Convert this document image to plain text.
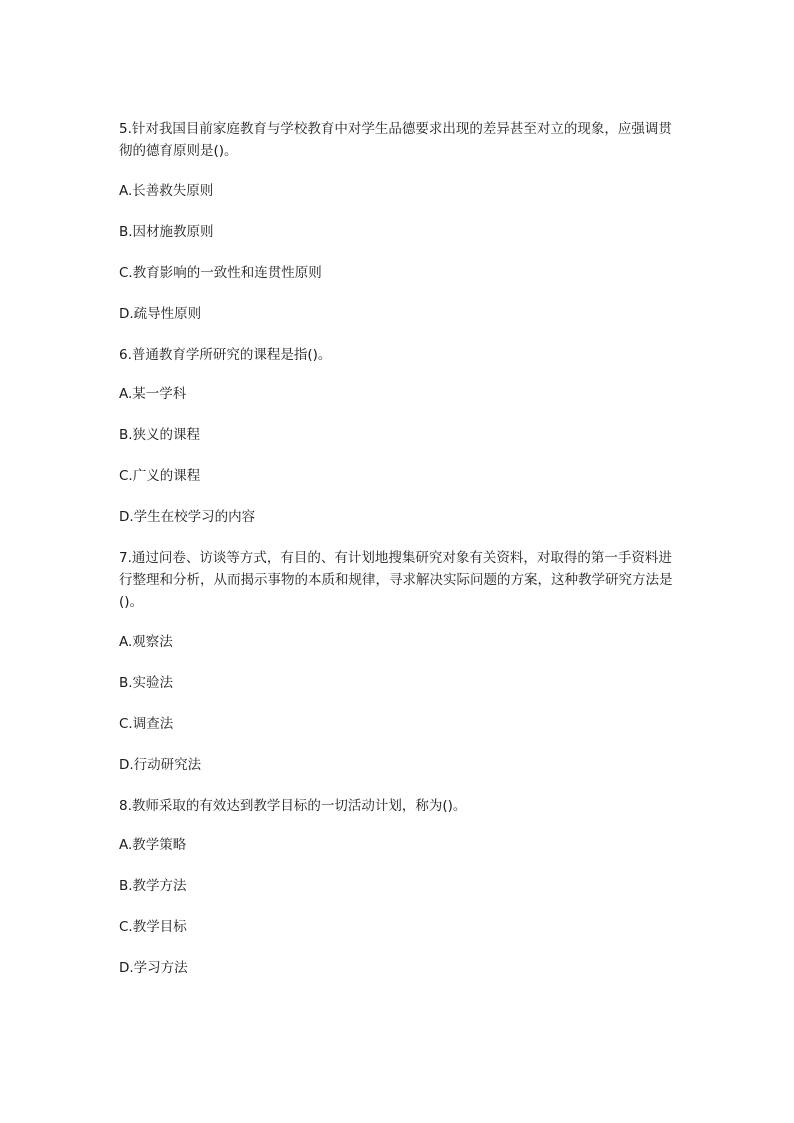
5.针对我国目前家庭教育与学校教育中对学生品德要求出现的差异甚至对立的现象，应强调贯彻的德育原则是()。

A.长善救失原则

B.因材施教原则

C.教育影响的一致性和连贯性原则

D.疏导性原则

6.普通教育学所研究的课程是指()。

A.某一学科

B.狭义的课程

C.广义的课程

D.学生在校学习的内容

7.通过问卷、访谈等方式，有目的、有计划地搜集研究对象有关资料，对取得的第一手资料进行整理和分析，从而揭示事物的本质和规律，寻求解决实际问题的方案，这种教学研究方法是()。

A.观察法

B.实验法

C.调查法

D.行动研究法

8.教师采取的有效达到教学目标的一切活动计划，称为()。

A.教学策略

B.教学方法

C.教学目标

D.学习方法
